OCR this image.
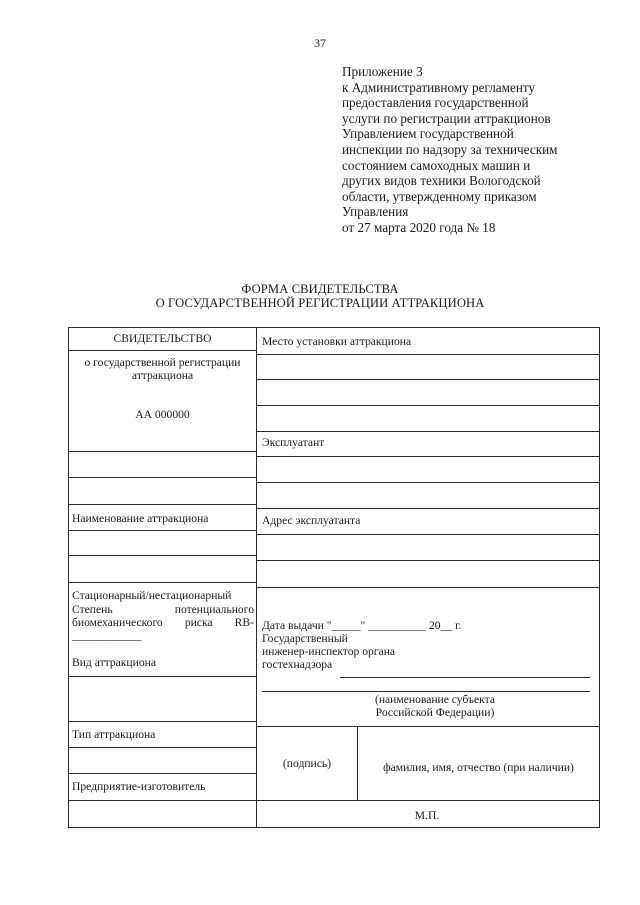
37
Приложение 3
к Административному регламенту
предоставления государственной
услуги по регистрации аттракционов
Управлением государственной
инспекции по надзору за техническим
состоянием самоходных машин и
других видов техники Вологодской
области, утвержденному приказом
Управления
от 27 марта 2020 года № 18
ФОРМА СВИДЕТЕЛЬСТВА
О ГОСУДАРСТВЕННОЙ РЕГИСТРАЦИИ АТТРАКЦИОНА
СВИДЕТЕЛЬСТВО
о государственной регистрации
аттракциона
АА 000000
Наименование аттракциона
Стационарный/нестационарный
Степень потенциального
биомеханического риска RB-
____________
Вид аттракциона
Тип аттракциона
Предприятие-изготовитель
Место установки аттракциона
Эксплуатант
Адрес эксплуатанта
Дата выдачи "_____" __________ 20__ г.
Государственный
инженер-инспектор органа
гостехнадзора
(наименование субъекта
Российской Федерации)
(подпись)	фамилия, имя, отчество (при наличии)
М.П.
